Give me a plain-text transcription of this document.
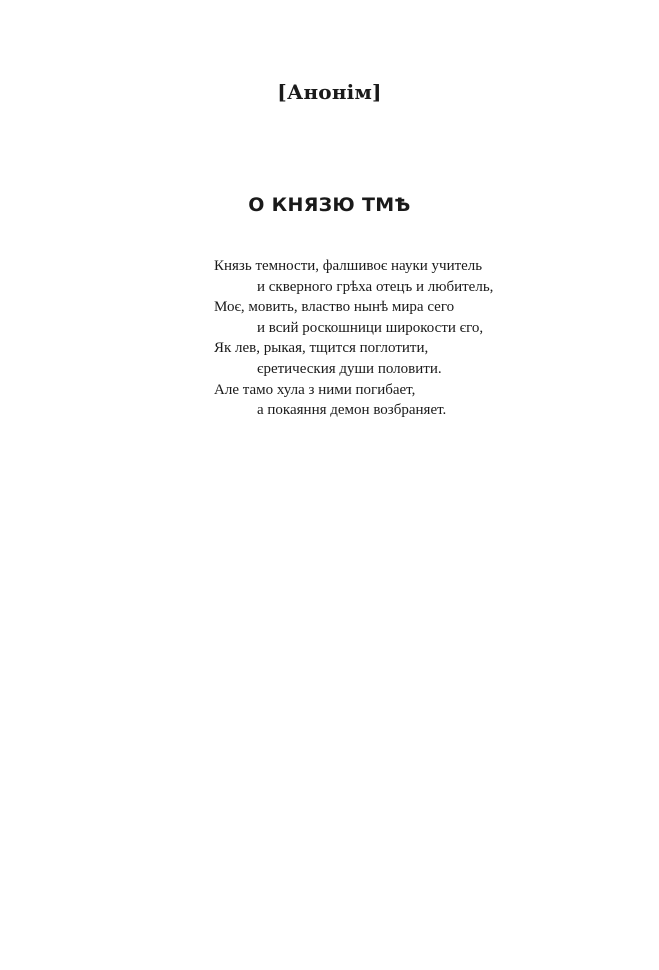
[Анонім]
О КНЯЗЮ ТМѢ
Князь темности, фалшивоє науки учитель
и скверного грѣха отецъ и любитель,
Моє, мовить, властво нынѣ мира сего
и всий роскошници широкости єго,
Як лев, рыкая, тщится поглотити,
єретическия души половити.
Але тамо хула з ними погибает,
а покаяння демон возбраняет.
